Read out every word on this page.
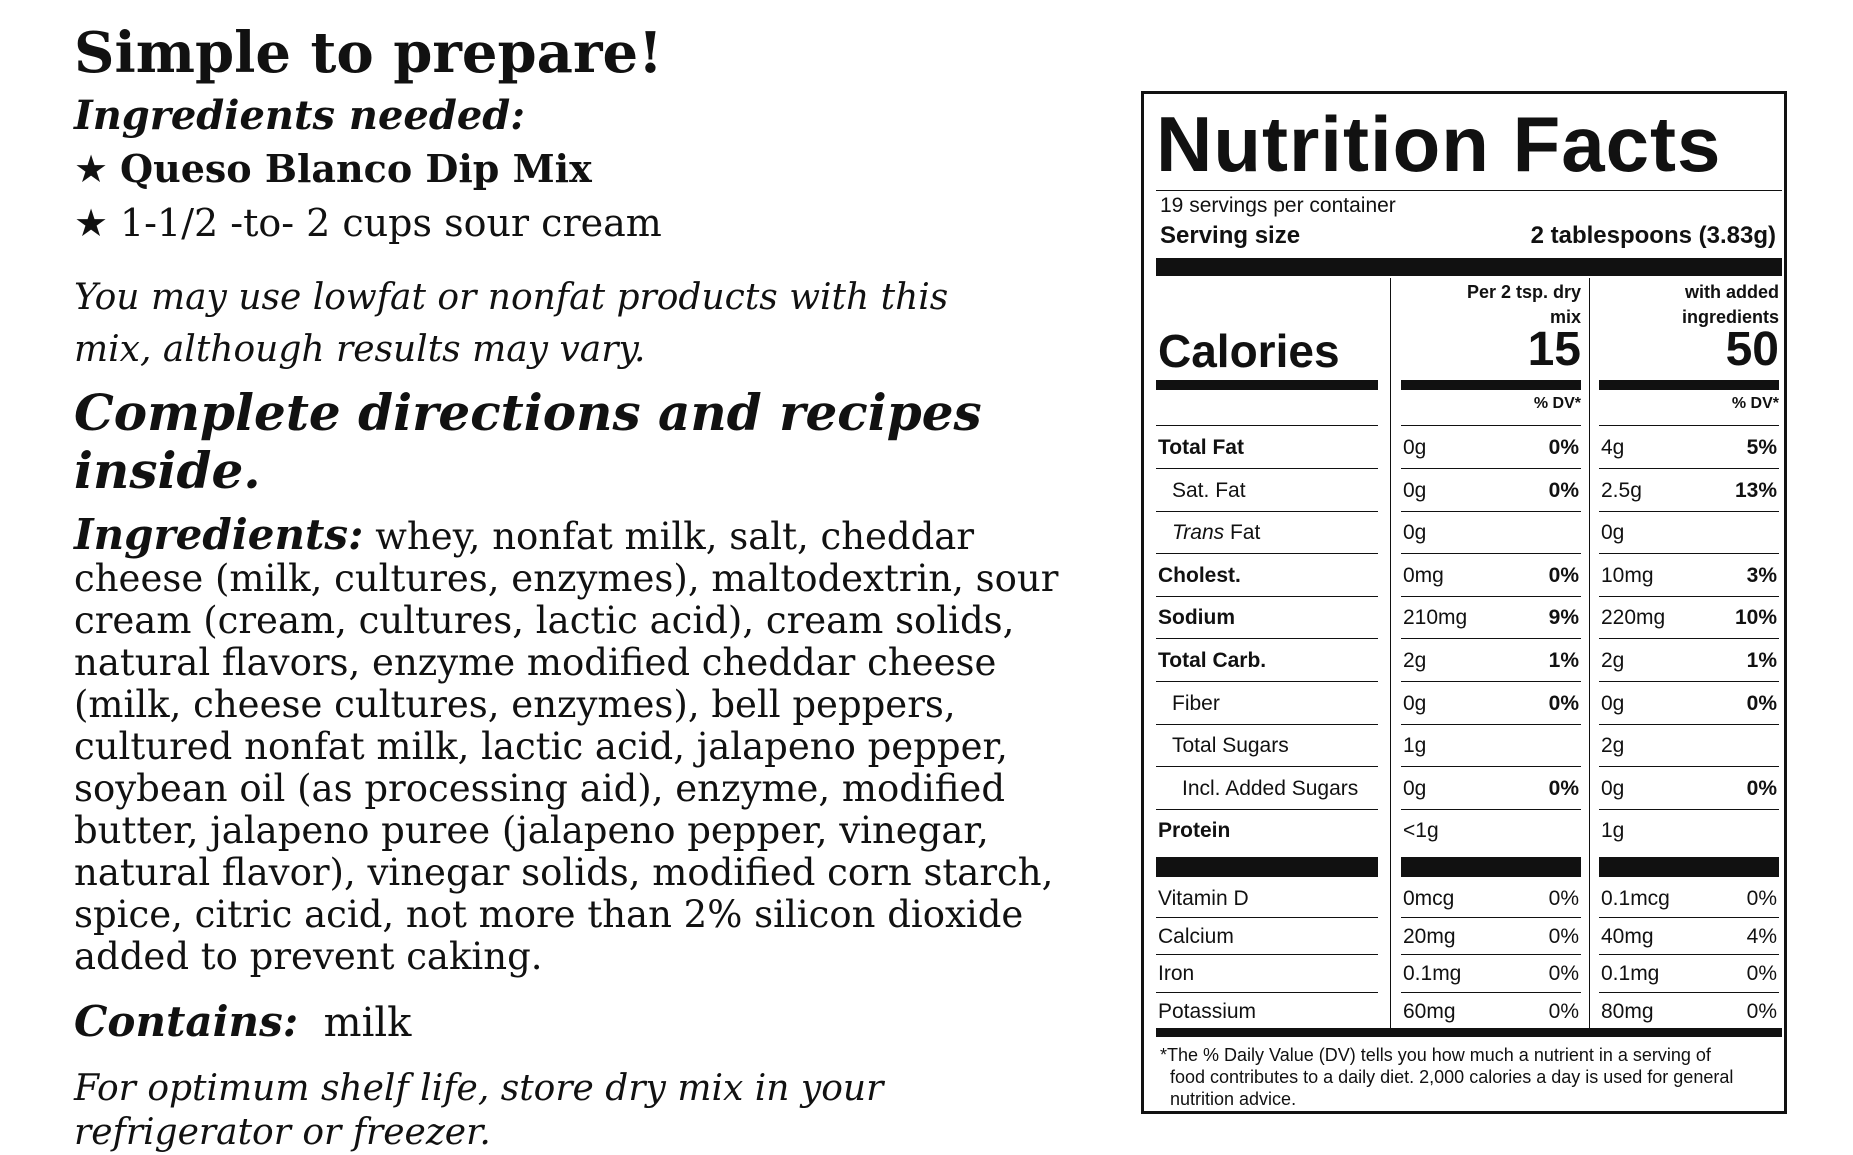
Simple to prepare!
Ingredients needed:
★ Queso Blanco Dip Mix
★ 1-1/2 -to- 2 cups sour cream
You may use lowfat or nonfat products with this mix, although results may vary.
Complete directions and recipes inside.
Ingredients: whey, nonfat milk, salt, cheddar cheese (milk, cultures, enzymes), maltodextrin, sour cream (cream, cultures, lactic acid), cream solids, natural flavors, enzyme modified cheddar cheese (milk, cheese cultures, enzymes), bell peppers, cultured nonfat milk, lactic acid, jalapeno pepper, soybean oil (as processing aid), enzyme, modified butter, jalapeno puree (jalapeno pepper, vinegar, natural flavor), vinegar solids, modified corn starch, spice, citric acid, not more than 2% silicon dioxide added to prevent caking.
Contains:  milk
For optimum shelf life, store dry mix in your refrigerator or freezer.
Nutrition Facts
19 servings per container
Serving size	2 tablespoons (3.83g)
Per 2 tsp. dry
mix
with added
ingredients
Calories	15	50
% DV*	% DV*
Total Fat	0g	0% 4g	5%
Sat. Fat	0g	0% 2.5g	13%
Trans Fat	0g	0g
Cholest.	0mg	0% 10mg	3%
Sodium	210mg	9% 220mg	10%
Total Carb.	2g	1% 2g	1%
Fiber	0g	0% 0g	0%
Total Sugars	1g	2g
Incl. Added Sugars 0g	0% 0g	0%
Protein	<1g	1g
Vitamin D	0mcg	0% 0.1mcg	0%
Calcium	20mg	0% 40mg	4%
Iron	0.1mg	0% 0.1mg	0%
Potassium	60mg	0% 80mg	0%
*The % Daily Value (DV) tells you how much a nutrient in a serving of
food contributes to a daily diet. 2,000 calories a day is used for general
nutrition advice.
